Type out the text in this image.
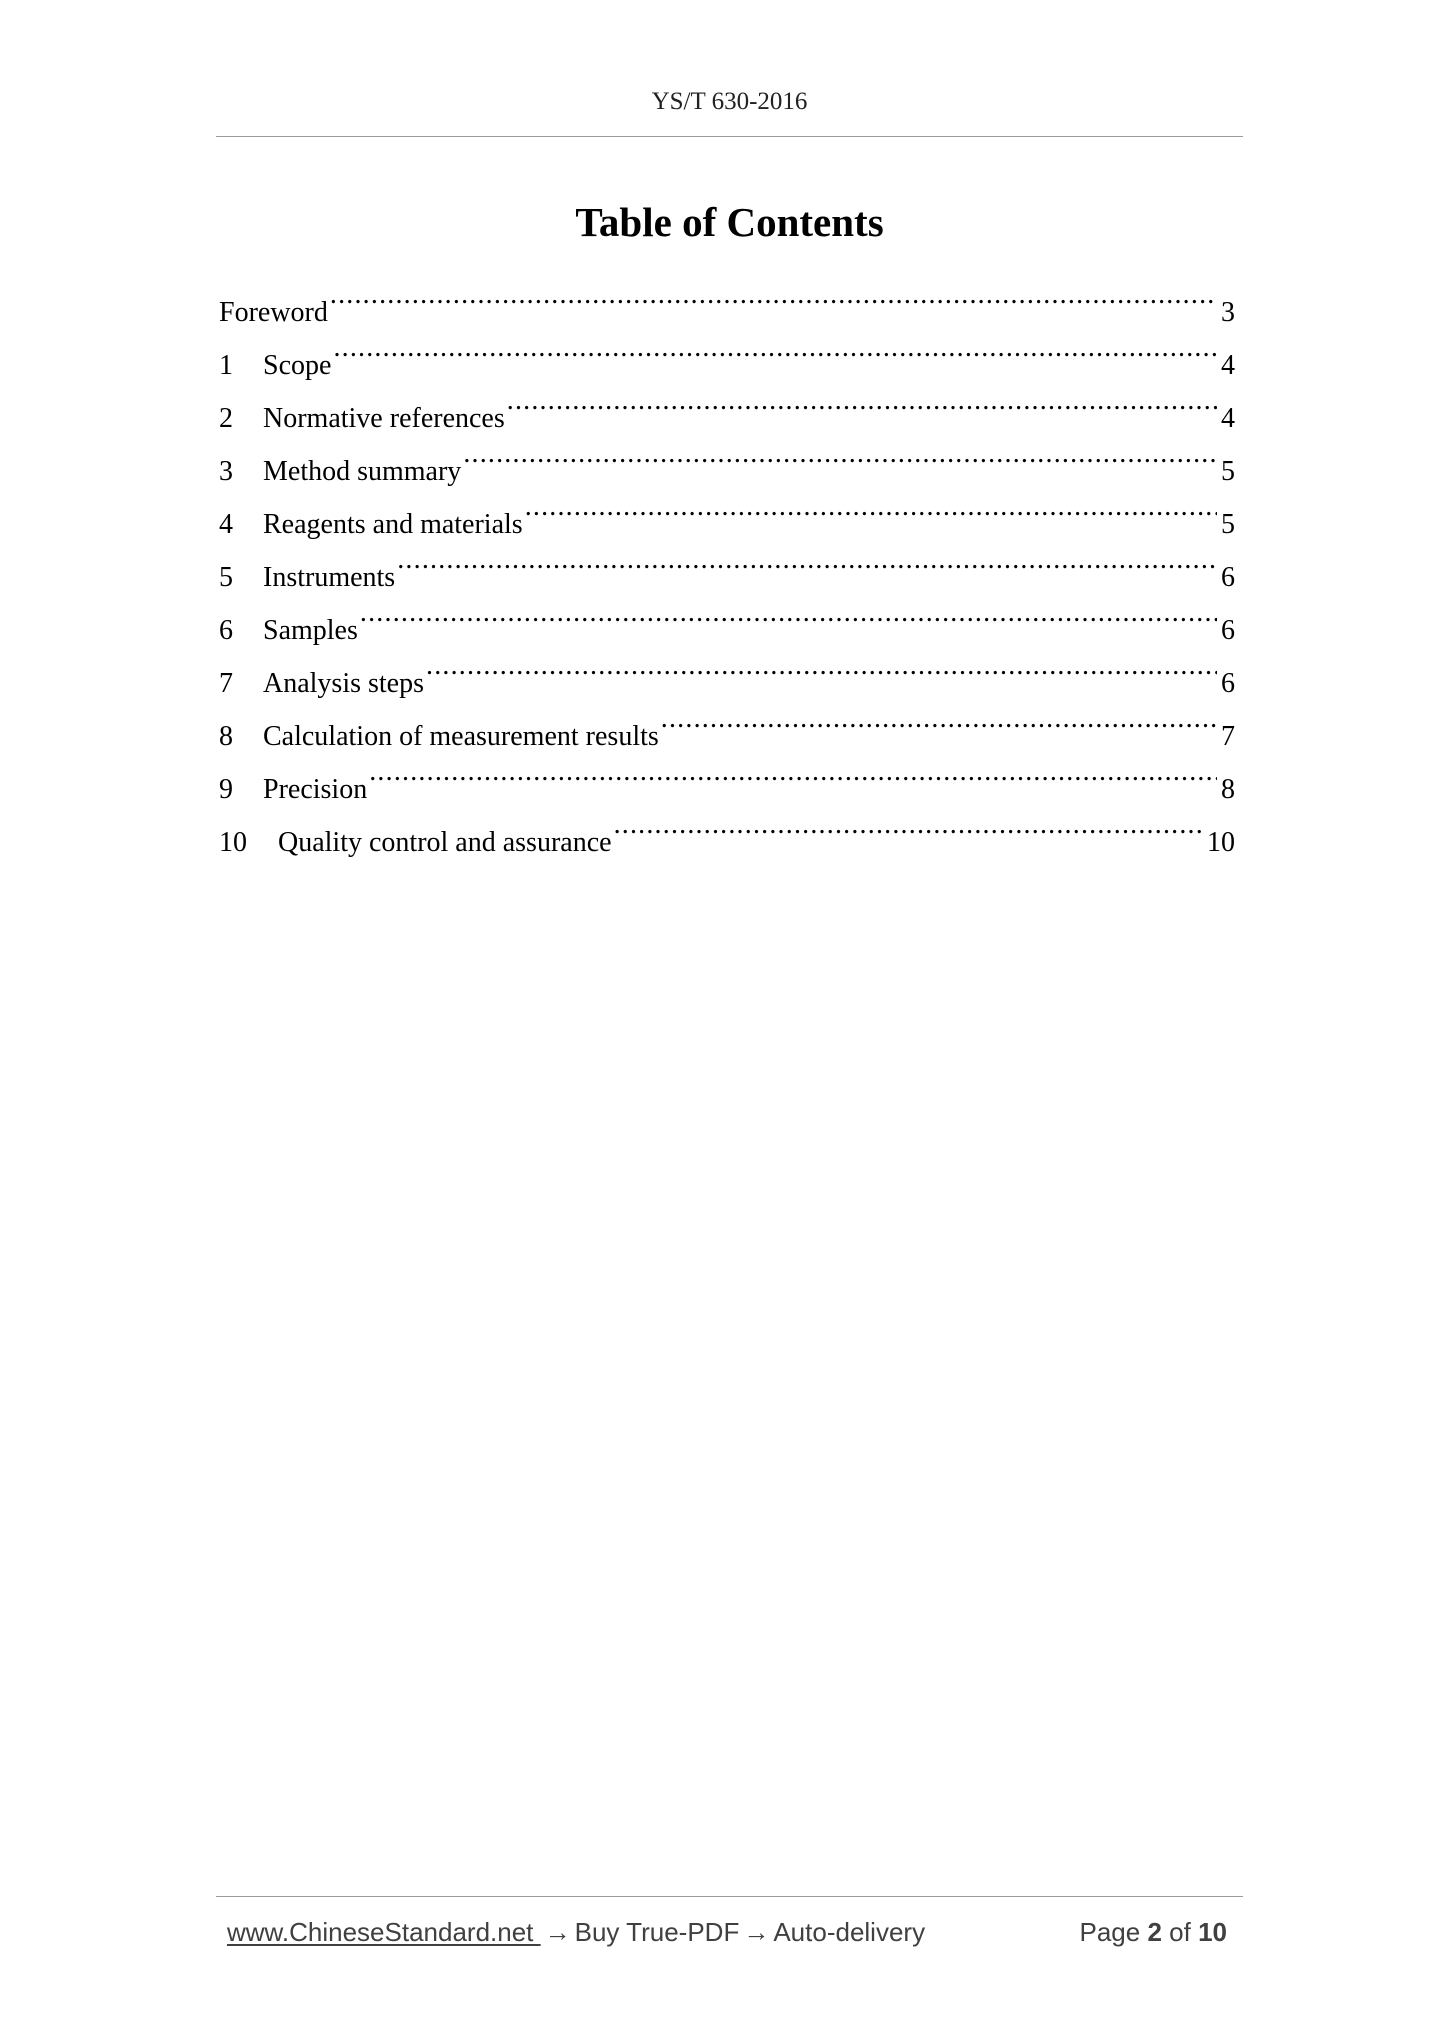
YS/T 630-2016
Table of Contents
Foreword .....	3
1	Scope .....	4
2	Normative references .....	4
3	Method summary .....	5
4	Reagents and materials .....	5
5	Instruments .....	6
6	Samples .....	6
7	Analysis steps .....	6
8	Calculation of measurement results .....	7
9	Precision .....	8
10	Quality control and assurance .....	10
www.ChineseStandard.net → Buy True-PDF → Auto-delivery	Page 2 of 10
